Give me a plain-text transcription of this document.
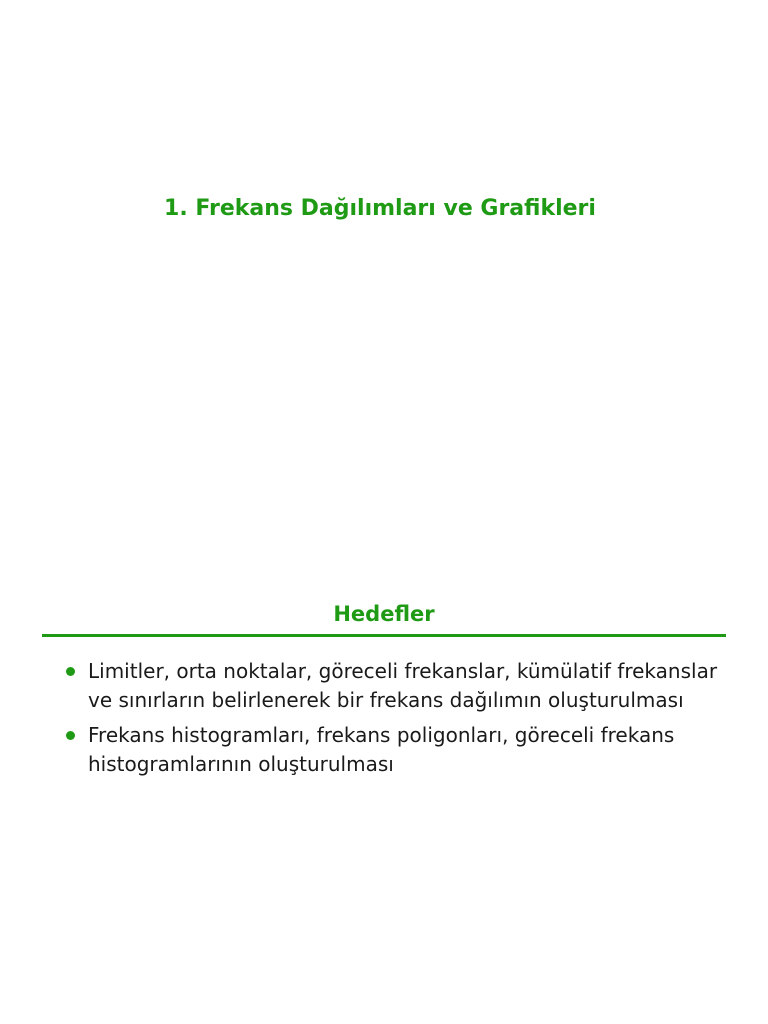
1. Frekans Dağılımları ve Grafikleri
Hedefler
Limitler, orta noktalar, göreceli frekanslar, kümülatif frekanslar ve sınırların belirlenerek bir frekans dağılımın oluşturulması
Frekans histogramları, frekans poligonları, göreceli frekans histogramlarının oluşturulması
